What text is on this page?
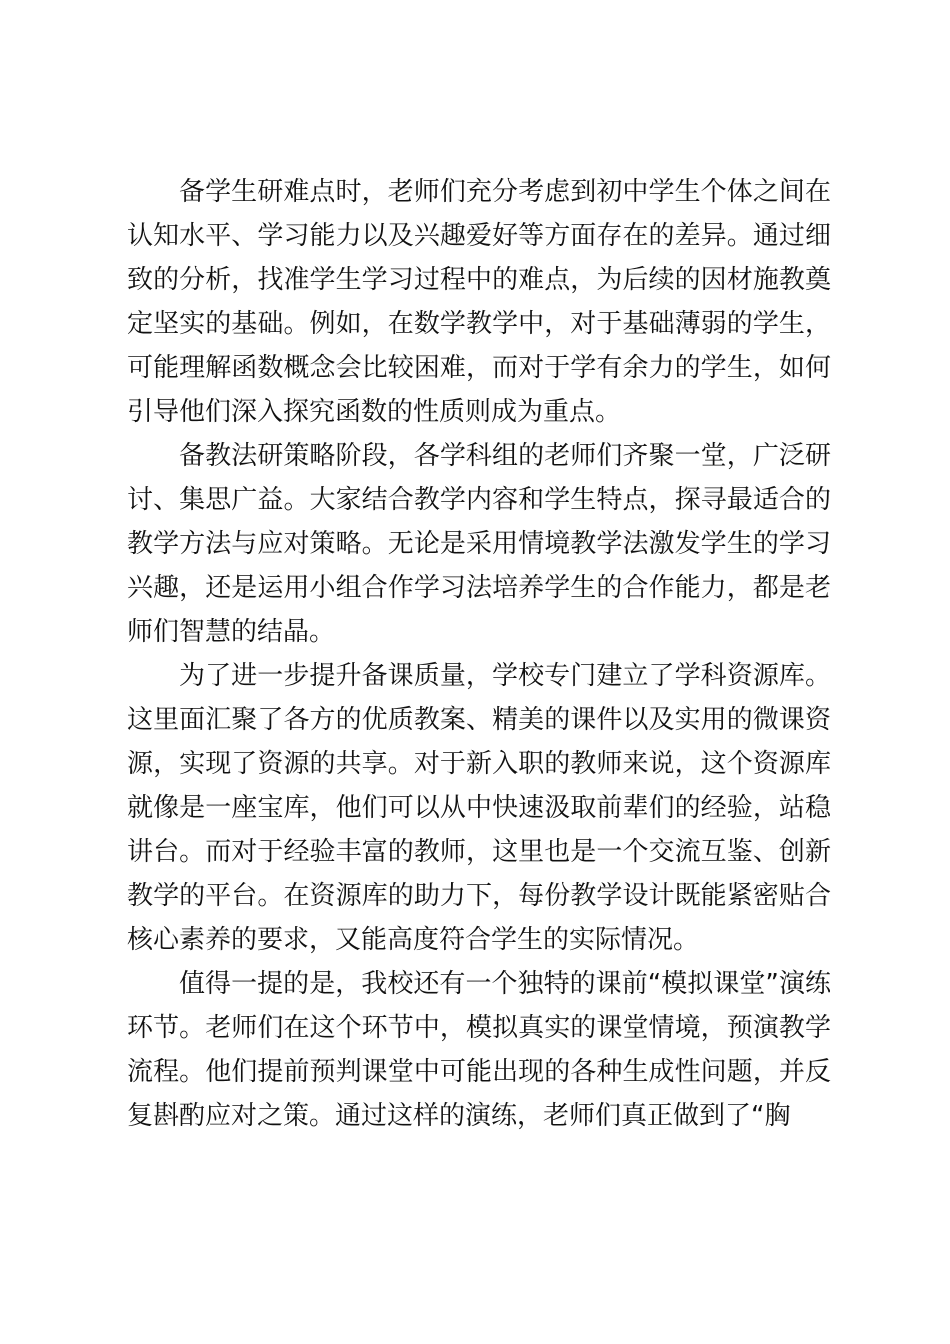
备学生研难点时，老师们充分考虑到初中学生个体之间在认知水平、学习能力以及兴趣爱好等方面存在的差异。通过细致的分析，找准学生学习过程中的难点，为后续的因材施教奠定坚实的基础。例如，在数学教学中，对于基础薄弱的学生，可能理解函数概念会比较困难，而对于学有余力的学生，如何引导他们深入探究函数的性质则成为重点。

备教法研策略阶段，各学科组的老师们齐聚一堂，广泛研讨、集思广益。大家结合教学内容和学生特点，探寻最适合的教学方法与应对策略。无论是采用情境教学法激发学生的学习兴趣，还是运用小组合作学习法培养学生的合作能力，都是老师们智慧的结晶。

为了进一步提升备课质量，学校专门建立了学科资源库。这里面汇聚了各方的优质教案、精美的课件以及实用的微课资源，实现了资源的共享。对于新入职的教师来说，这个资源库就像是一座宝库，他们可以从中快速汲取前辈们的经验，站稳讲台。而对于经验丰富的教师，这里也是一个交流互鉴、创新教学的平台。在资源库的助力下，每份教学设计既能紧密贴合核心素养的要求，又能高度符合学生的实际情况。

值得一提的是，我校还有一个独特的课前“模拟课堂”演练环节。老师们在这个环节中，模拟真实的课堂情境，预演教学流程。他们提前预判课堂中可能出现的各种生成性问题，并反复斟酌应对之策。通过这样的演练，老师们真正做到了“胸
